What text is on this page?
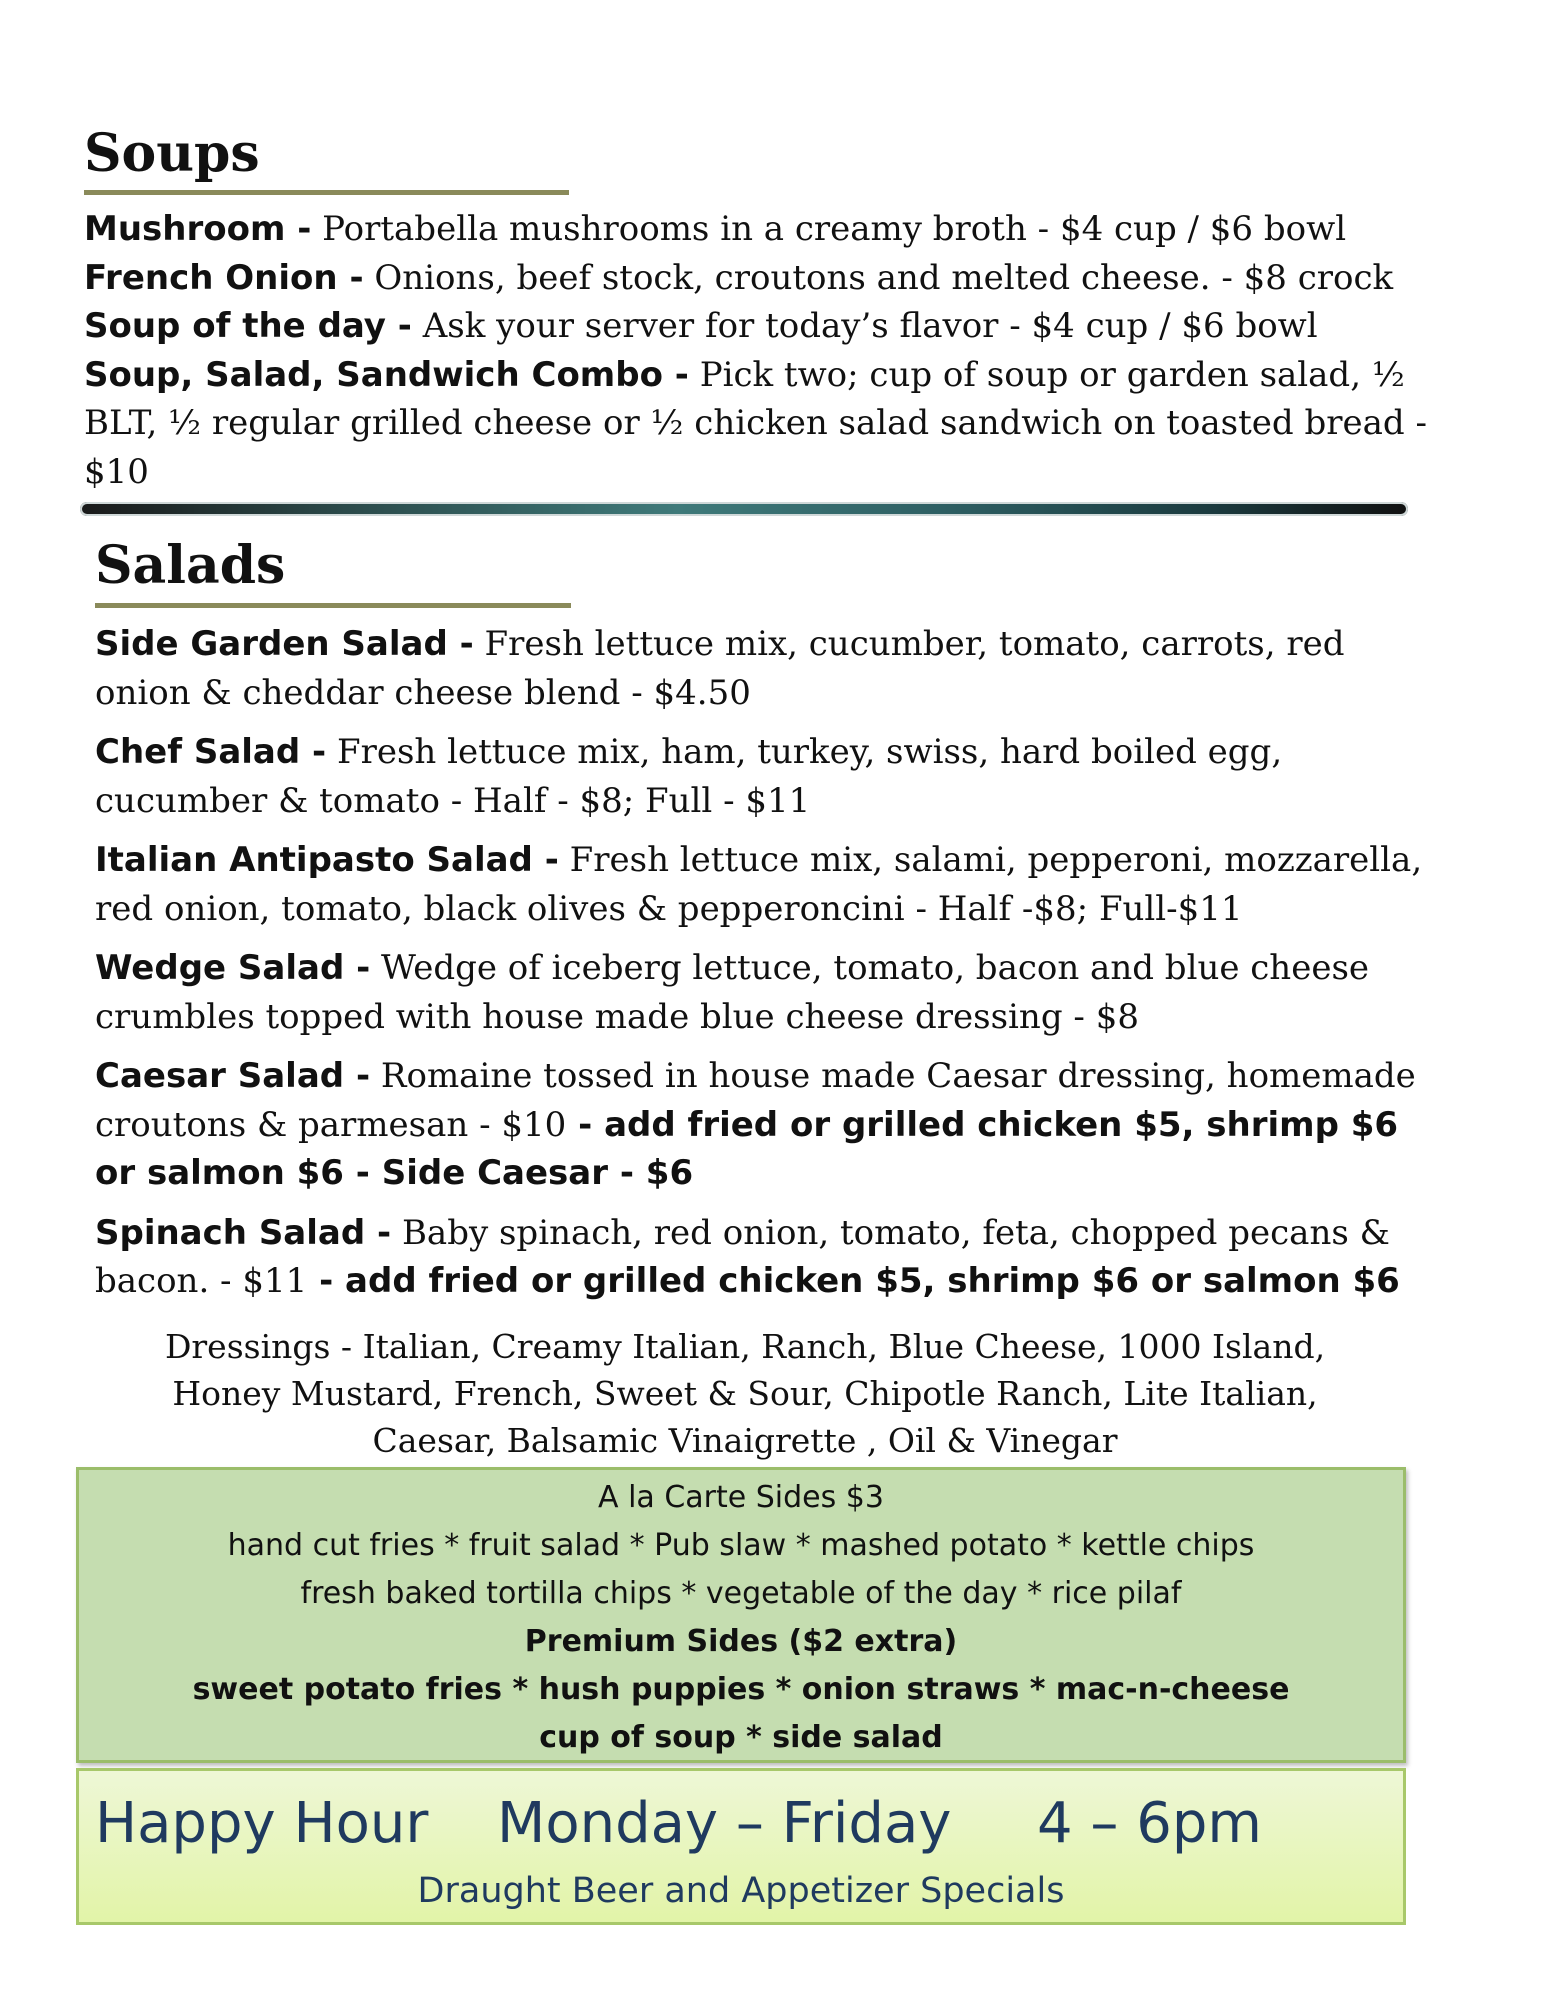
Soups

Mushroom - Portabella mushrooms in a creamy broth - $4 cup / $6 bowl

French Onion - Onions, beef stock, croutons and melted cheese. - $8 crock

Soup of the day - Ask your server for today’s flavor - $4 cup / $6 bowl

Soup, Salad, Sandwich Combo - Pick two; cup of soup or garden salad, ½ BLT, ½ regular grilled cheese or ½ chicken salad sandwich on toasted bread - $10

Salads

Side Garden Salad - Fresh lettuce mix, cucumber, tomato, carrots, red onion & cheddar cheese blend - $4.50

Chef Salad - Fresh lettuce mix, ham, turkey, swiss, hard boiled egg, cucumber & tomato - Half - $8; Full - $11

Italian Antipasto Salad - Fresh lettuce mix, salami, pepperoni, mozzarella, red onion, tomato, black olives & pepperoncini - Half -$8; Full-$11

Wedge Salad - Wedge of iceberg lettuce, tomato, bacon and blue cheese crumbles topped with house made blue cheese dressing - $8

Caesar Salad - Romaine tossed in house made Caesar dressing, homemade croutons & parmesan - $10 - add fried or grilled chicken $5, shrimp $6 or salmon $6 - Side Caesar - $6

Spinach Salad - Baby spinach, red onion, tomato, feta, chopped pecans & bacon. - $11 - add fried or grilled chicken $5, shrimp $6 or salmon $6

Dressings - Italian, Creamy Italian, Ranch, Blue Cheese, 1000 Island,
Honey Mustard, French, Sweet & Sour, Chipotle Ranch, Lite Italian,
Caesar, Balsamic Vinaigrette , Oil & Vinegar
A la Carte Sides $3
hand cut fries * fruit salad * Pub slaw * mashed potato * kettle chips
fresh baked tortilla chips * vegetable of the day * rice pilaf
Premium Sides ($2 extra)
sweet potato fries * hush puppies * onion straws * mac-n-cheese
cup of soup * side salad
Happy Hour Monday – Friday 4 – 6pm
Draught Beer and Appetizer Specials
